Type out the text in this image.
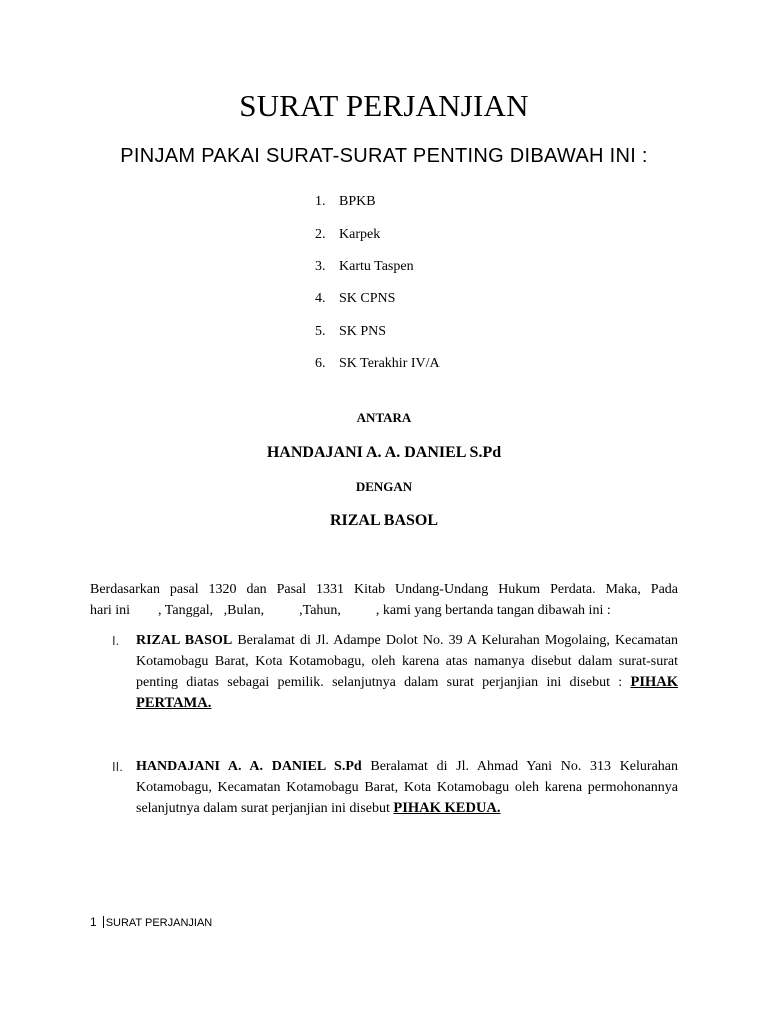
SURAT PERJANJIAN
PINJAM PAKAI SURAT-SURAT PENTING DIBAWAH INI :
1. BPKB
2. Karpek
3. Kartu Taspen
4. SK CPNS
5. SK PNS
6. SK Terakhir IV/A
ANTARA
HANDAJANI A. A. DANIEL S.Pd
DENGAN
RIZAL BASOL
Berdasarkan pasal 1320 dan Pasal 1331 Kitab Undang-Undang Hukum Perdata. Maka, Pada
hari ini        , Tanggal,   ,Bulan,          ,Tahun,          , kami yang bertanda tangan dibawah ini :
I. RIZAL BASOL Beralamat di Jl. Adampe Dolot No. 39 A Kelurahan Mogolaing, Kecamatan Kotamobagu Barat, Kota Kotamobagu, oleh karena atas namanya disebut dalam surat-surat penting diatas sebagai pemilik. selanjutnya dalam surat perjanjian ini disebut : PIHAK PERTAMA.
II. HANDAJANI A. A. DANIEL S.Pd Beralamat di Jl. Ahmad Yani No. 313 Kelurahan Kotamobagu, Kecamatan Kotamobagu Barat, Kota Kotamobagu oleh karena permohonannya selanjutnya dalam surat perjanjian ini disebut PIHAK KEDUA.
1 SURAT PERJANJIAN
